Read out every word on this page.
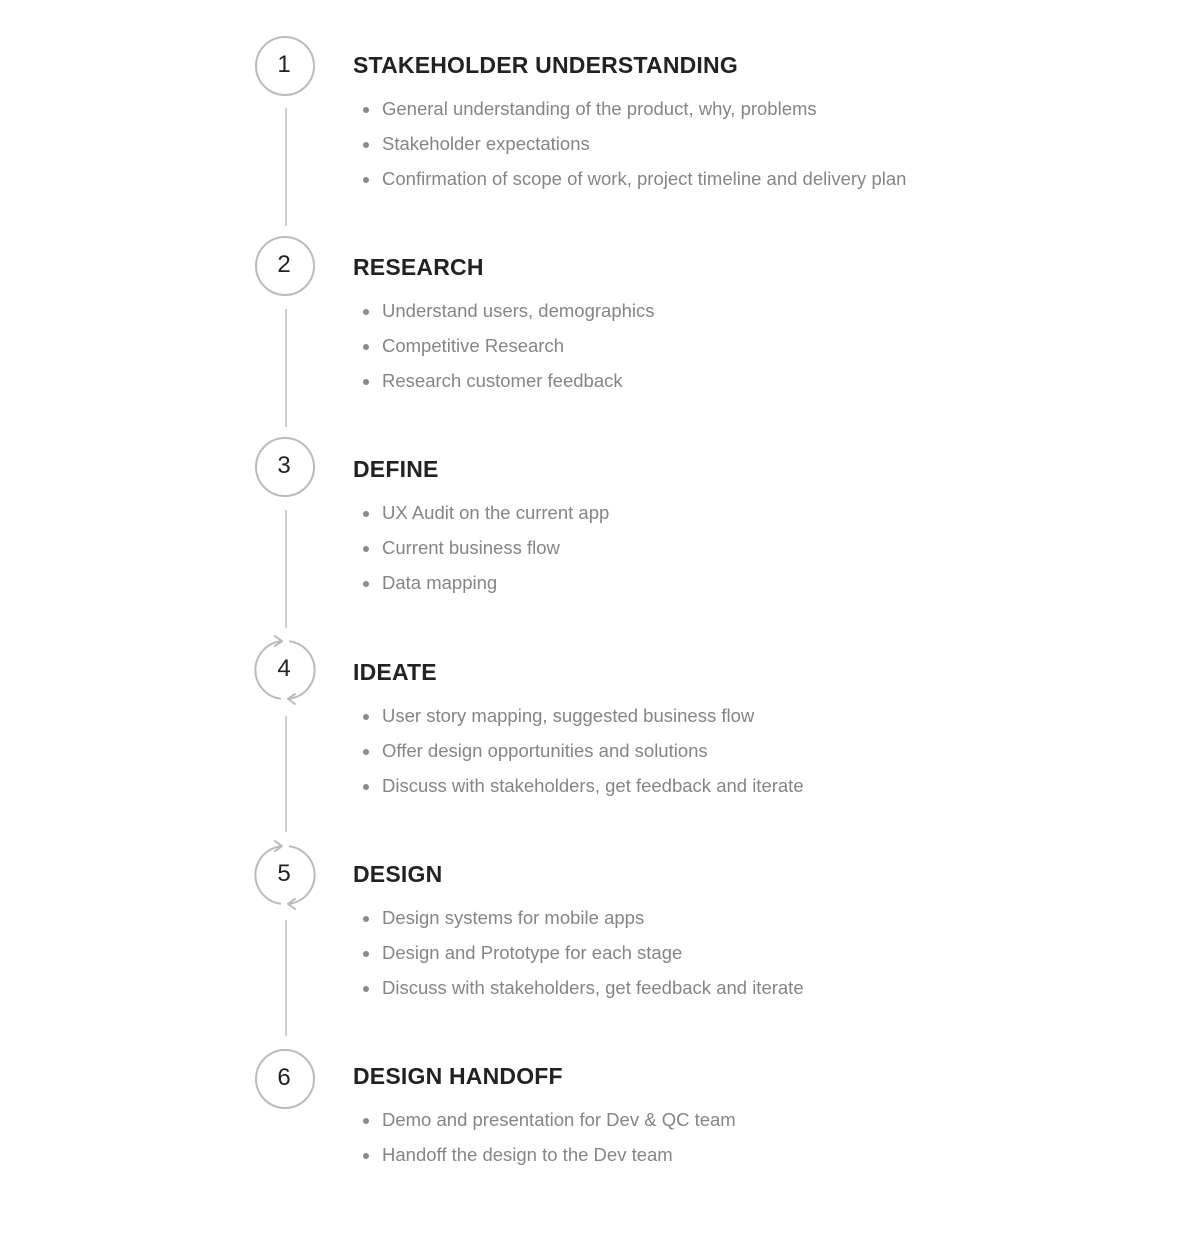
1	STAKEHOLDER UNDERSTANDING
General understanding of the product, why, problems
Stakeholder expectations
Confirmation of scope of work, project timeline and delivery plan
2	RESEARCH
Understand users, demographics
Competitive Research
Research customer feedback
3	DEFINE
UX Audit on the current app
Current business flow
Data mapping
4	IDEATE
User story mapping, suggested business flow
Offer design opportunities and solutions
Discuss with stakeholders, get feedback and iterate
5	DESIGN
Design systems for mobile apps
Design and Prototype for each stage
Discuss with stakeholders, get feedback and iterate
6	DESIGN HANDOFF
Demo and presentation for Dev & QC team
Handoff the design to the Dev team
